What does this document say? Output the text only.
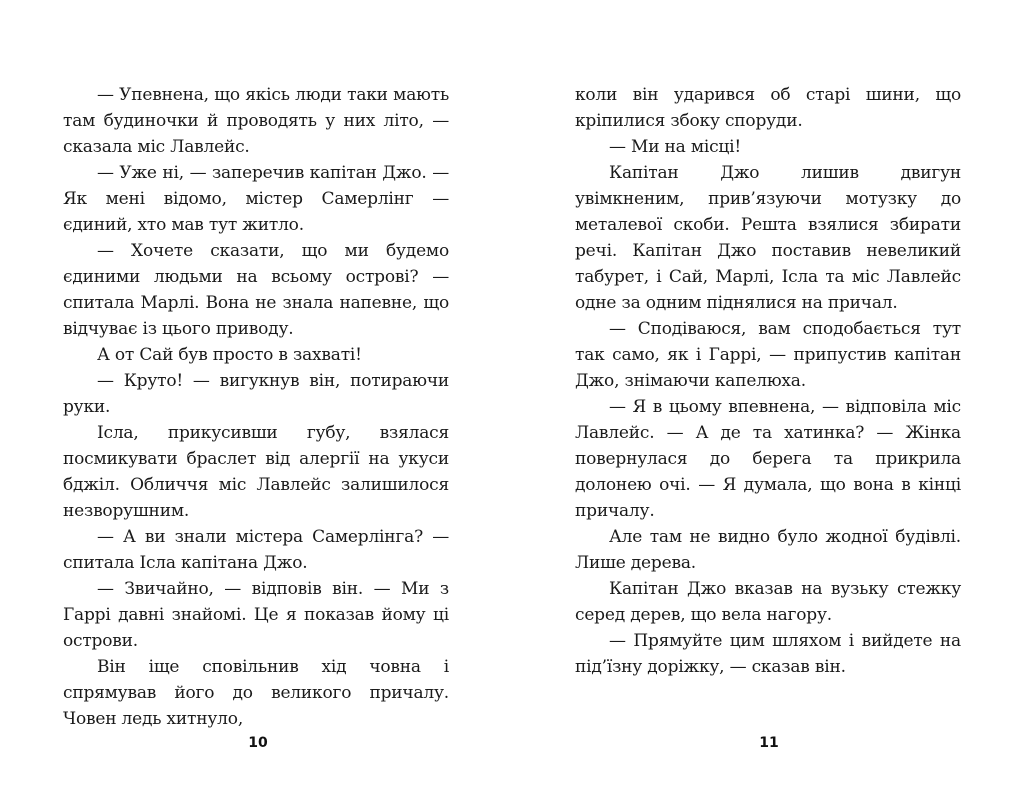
— Упевнена, що якісь люди таки мають там будиночки й проводять у них літо, — сказала міс Лавлейс.

— Уже ні, — заперечив капітан Джо. — Як мені відомо, містер Самерлінг — єдиний, хто мав тут житло.

— Хочете сказати, що ми будемо єдиними людьми на всьому острові? — спитала Марлі. Вона не знала напевне, що відчуває із цього приводу.

А от Сай був просто в захваті!

— Круто! — вигукнув він, потираючи руки.

Ісла, прикусивши губу, взялася посмикувати браслет від алергії на укуси бджіл. Обличчя міс Лавлейс залишилося незворушним.

— А ви знали містера Самерлінга? — спитала Ісла капітана Джо.

— Звичайно, — відповів він. — Ми з Гаррі давні знайомі. Це я показав йому ці острови.

Він іще сповільнив хід човна і спрямував його до великого причалу. Човен ледь хитнуло,

10

коли він ударився об старі шини, що кріпилися збоку споруди.

— Ми на місці!

Капітан Джо лишив двигун увімкненим, прив’язуючи мотузку до металевої скоби. Решта взялися збирати речі. Капітан Джо поставив невеликий табурет, і Сай, Марлі, Ісла та міс Лавлейс одне за одним піднялися на причал.

— Сподіваюся, вам сподобається тут так само, як і Гаррі, — припустив капітан Джо, знімаючи капелюха.

— Я в цьому впевнена, — відповіла міс Лавлейс. — А де та хатинка? — Жінка повернулася до берега та прикрила долонею очі. — Я думала, що вона в кінці причалу.

Але там не видно було жодної будівлі. Лише дерева.

Капітан Джо вказав на вузьку стежку серед дерев, що вела нагору.

— Прямуйте цим шляхом і вийдете на під’їзну доріжку, — сказав він.

11
